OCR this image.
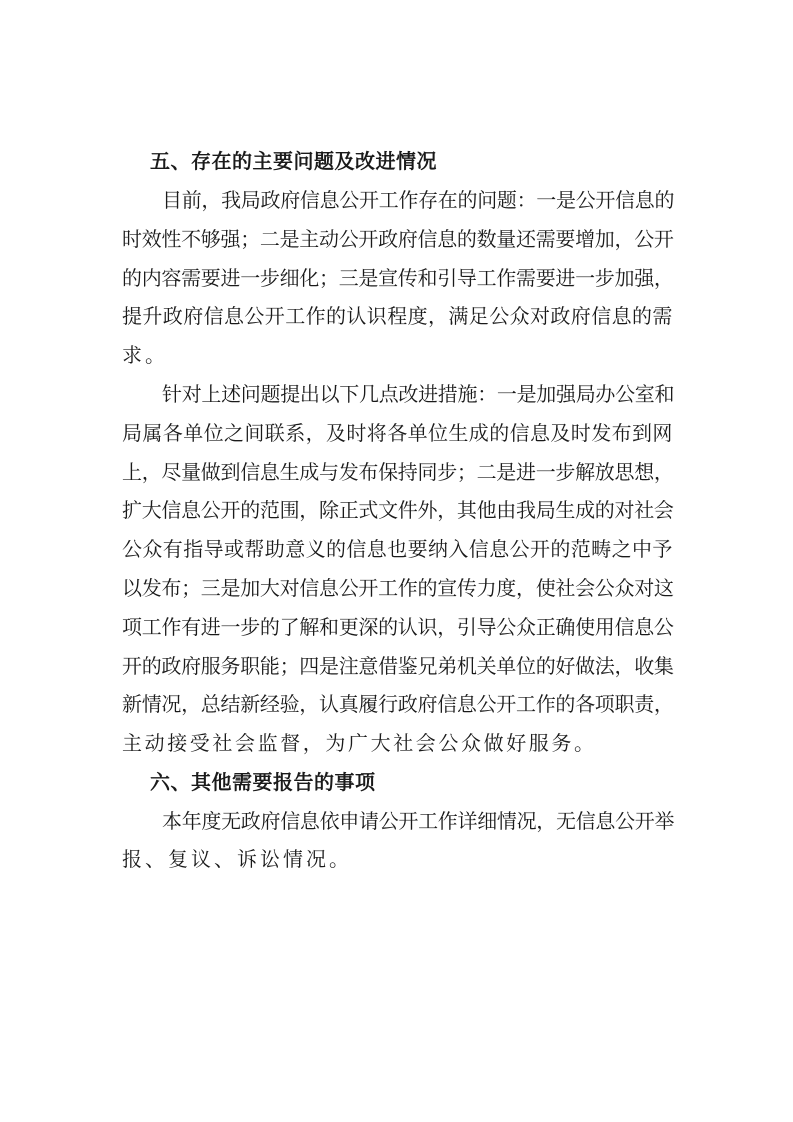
五、存在的主要问题及改进情况
目前，我局政府信息公开工作存在的问题：一是公开信息的
时效性不够强；二是主动公开政府信息的数量还需要增加，公开
的内容需要进一步细化；三是宣传和引导工作需要进一步加强，
提升政府信息公开工作的认识程度，满足公众对政府信息的需
求。
针对上述问题提出以下几点改进措施：一是加强局办公室和
局属各单位之间联系，及时将各单位生成的信息及时发布到网
上，尽量做到信息生成与发布保持同步；二是进一步解放思想，
扩大信息公开的范围，除正式文件外，其他由我局生成的对社会
公众有指导或帮助意义的信息也要纳入信息公开的范畴之中予
以发布；三是加大对信息公开工作的宣传力度，使社会公众对这
项工作有进一步的了解和更深的认识，引导公众正确使用信息公
开的政府服务职能；四是注意借鉴兄弟机关单位的好做法，收集
新情况，总结新经验，认真履行政府信息公开工作的各项职责，
主动接受社会监督，为广大社会公众做好服务。
六、其他需要报告的事项
本年度无政府信息依申请公开工作详细情况，无信息公开举
报、复议、诉讼情况。
